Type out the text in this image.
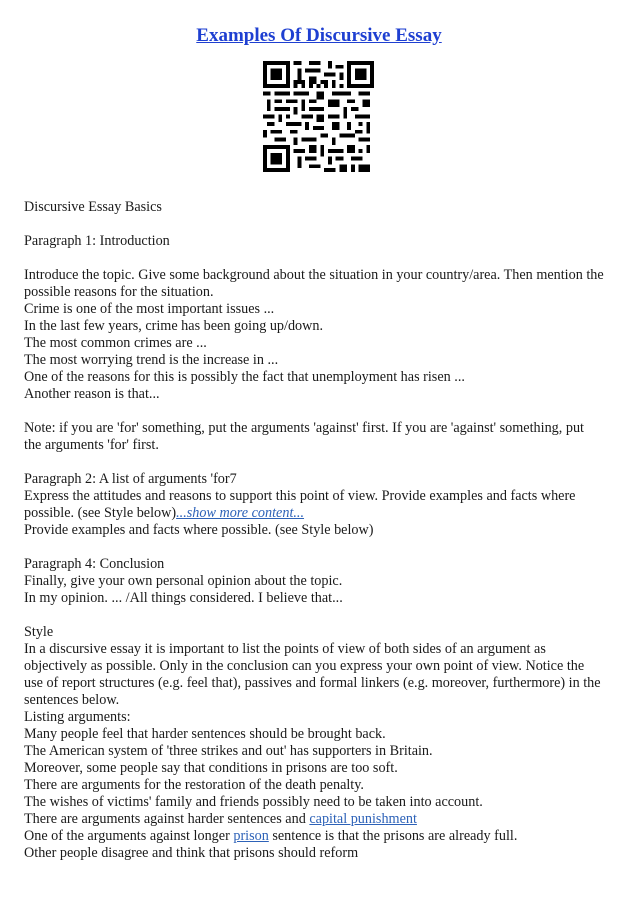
Examples Of Discursive Essay
Discursive Essay Basics
Paragraph 1: Introduction
Introduce the topic. Give some background about the situation in your country/area. Then mention the possible reasons for the situation.
Crime is one of the most important issues ...
In the last few years, crime has been going up/down.
The most common crimes are ...
The most worrying trend is the increase in ...
One of the reasons for this is possibly the fact that unemployment has risen ...
Another reason is that...
Note: if you are 'for' something, put the arguments 'against' first. If you are 'against' something, put the arguments 'for' first.
Paragraph 2: A list of arguments 'for7
Express the attitudes and reasons to support this point of view. Provide examples and facts where possible. (see Style below)...show more content...
Provide examples and facts where possible. (see Style below)
Paragraph 4: Conclusion
Finally, give your own personal opinion about the topic.
In my opinion. ... /All things considered. I believe that...
Style
In a discursive essay it is important to list the points of view of both sides of an argument as objectively as possible. Only in the conclusion can you express your own point of view. Notice the use of report structures (e.g. feel that), passives and formal linkers (e.g. moreover, furthermore) in the sentences below.
Listing arguments:
Many people feel that harder sentences should be brought back.
The American system of 'three strikes and out' has supporters in Britain.
Moreover, some people say that conditions in prisons are too soft.
There are arguments for the restoration of the death penalty.
The wishes of victims' family and friends possibly need to be taken into account.
There are arguments against harder sentences and capital punishment
One of the arguments against longer prison sentence is that the prisons are already full.
Other people disagree and think that prisons should reform
